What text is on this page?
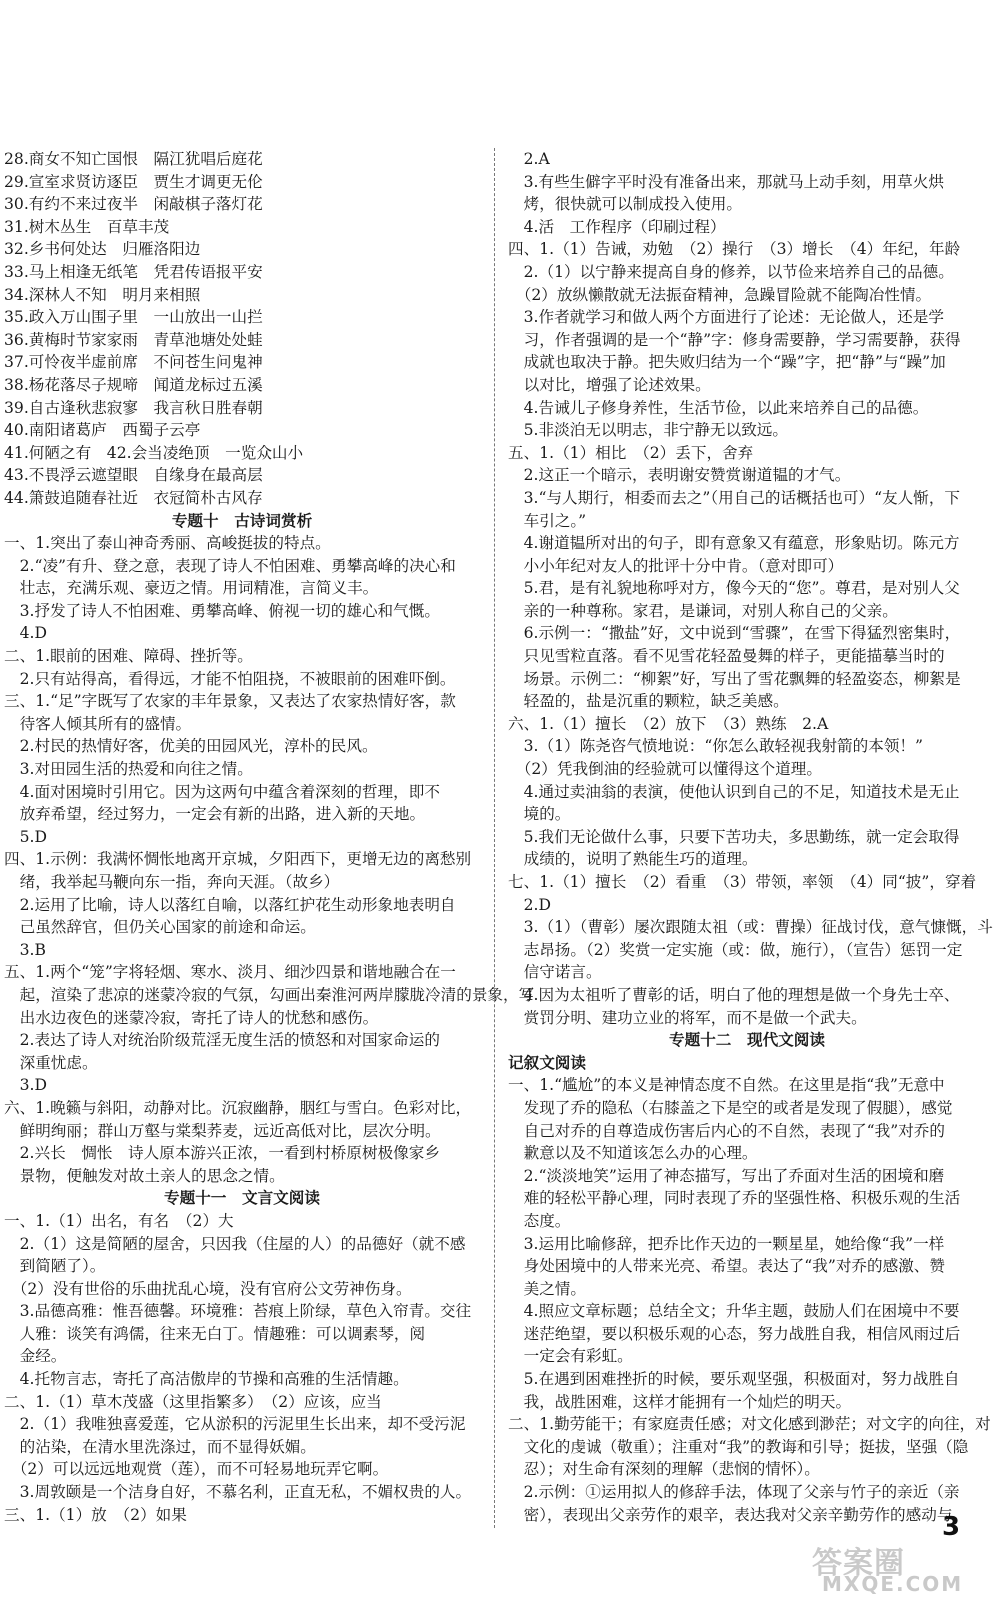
28.商女不知亡国恨　隔江犹唱后庭花
29.宣室求贤访逐臣　贾生才调更无伦
30.有约不来过夜半　闲敲棋子落灯花
31.树木丛生　百草丰茂
32.乡书何处达　归雁洛阳边
33.马上相逢无纸笔　凭君传语报平安
34.深林人不知　明月来相照
35.政入万山围子里　一山放出一山拦
36.黄梅时节家家雨　青草池塘处处蛙
37.可怜夜半虚前席　不问苍生问鬼神
38.杨花落尽子规啼　闻道龙标过五溪
39.自古逢秋悲寂寥　我言秋日胜春朝
40.南阳诸葛庐　西蜀子云亭
41.何陋之有　42.会当凌绝顶　一览众山小
43.不畏浮云遮望眼　自缘身在最高层
44.箫鼓追随春社近　衣冠简朴古风存
专题十　古诗词赏析
一、1.突出了泰山神奇秀丽、高峻挺拔的特点。
　2.“凌”有升、登之意，表现了诗人不怕困难、勇攀高峰的决心和
　壮志，充满乐观、豪迈之情。用词精准，言简义丰。
　3.抒发了诗人不怕困难、勇攀高峰、俯视一切的雄心和气慨。
　4.D
二、1.眼前的困难、障碍、挫折等。
　2.只有站得高，看得远，才能不怕阻挠，不被眼前的困难吓倒。
三、1.“足”字既写了农家的丰年景象，又表达了农家热情好客，款
　待客人倾其所有的盛情。
　2.村民的热情好客，优美的田园风光，淳朴的民风。
　3.对田园生活的热爱和向往之情。
　4.面对困境时引用它。因为这两句中蕴含着深刻的哲理，即不
　放弃希望，经过努力，一定会有新的出路，进入新的天地。
　5.D
四、1.示例：我满怀惆怅地离开京城，夕阳西下，更增无边的离愁别
　绪，我举起马鞭向东一指，奔向天涯。（故乡）
　2.运用了比喻，诗人以落红自喻，以落红护花生动形象地表明自
　己虽然辞官，但仍关心国家的前途和命运。
　3.B
五、1.两个“笼”字将轻烟、寒水、淡月、细沙四景和谐地融合在一
　起，渲染了悲凉的迷蒙冷寂的气氛，勾画出秦淮河两岸朦胧冷清的景象，写
　出水边夜色的迷蒙冷寂，寄托了诗人的忧愁和感伤。
　2.表达了诗人对统治阶级荒淫无度生活的愤怒和对国家命运的
　深重忧虑。
　3.D
六、1.晚籁与斜阳，动静对比。沉寂幽静，胭红与雪白。色彩对比，
　鲜明绚丽；群山万壑与棠梨荞麦，远近高低对比，层次分明。
　2.兴长　惆怅　诗人原本游兴正浓，一看到村桥原树极像家乡
　景物，便触发对故土亲人的思念之情。
专题十一　文言文阅读
一、1.（1）出名，有名　（2）大
　2.（1）这是简陋的屋舍，只因我（住屋的人）的品德好（就不感
　到简陋了）。
　（2）没有世俗的乐曲扰乱心境，没有官府公文劳神伤身。
　3.品德高雅：惟吾德馨。环境雅：苔痕上阶绿，草色入帘青。交往
　人雅：谈笑有鸿儒，往来无白丁。情趣雅：可以调素琴，阅
　金经。
　4.托物言志，寄托了高洁傲岸的节操和高雅的生活情趣。
二、1.（1）草木茂盛（这里指繁多）　（2）应该，应当
　2.（1）我唯独喜爱莲，它从淤积的污泥里生长出来，却不受污泥
　的沾染，在清水里洗涤过，而不显得妖媚。
　（2）可以远远地观赏（莲），而不可轻易地玩弄它啊。
　3.周敦颐是一个洁身自好，不慕名利，正直无私，不媚权贵的人。
三、1.（1）放　（2）如果
　2.A
　3.有些生僻字平时没有准备出来，那就马上动手刻，用草火烘
　烤，很快就可以制成投入使用。
　4.活　工作程序（印刷过程）
四、1.（1）告诫，劝勉　（2）操行　（3）增长　（4）年纪，年龄
　2.（1）以宁静来提高自身的修养，以节俭来培养自己的品德。
　（2）放纵懒散就无法振奋精神，急躁冒险就不能陶冶性情。
　3.作者就学习和做人两个方面进行了论述：无论做人，还是学
　习，作者强调的是一个“静”字：修身需要静，学习需要静，获得
　成就也取决于静。把失败归结为一个“躁”字，把“静”与“躁”加
　以对比，增强了论述效果。
　4.告诫儿子修身养性，生活节俭，以此来培养自己的品德。
　5.非淡泊无以明志，非宁静无以致远。
五、1.（1）相比　（2）丢下，舍弃
　2.这正一个暗示，表明谢安赞赏谢道韫的才气。
　3.“与人期行，相委而去之”（用自己的话概括也可）“友人惭，下
　车引之。”
　4.谢道韫所对出的句子，即有意象又有蕴意，形象贴切。陈元方
　小小年纪对友人的批评十分中肯。（意对即可）
　5.君，是有礼貌地称呼对方，像今天的“您”。尊君，是对别人父
　亲的一种尊称。家君，是谦词，对别人称自己的父亲。
　6.示例一：“撒盐”好，文中说到“雪骤”，在雪下得猛烈密集时，
　只见雪粒直落。看不见雪花轻盈曼舞的样子，更能描摹当时的
　场景。示例二：“柳絮”好，写出了雪花飘舞的轻盈姿态，柳絮是
　轻盈的，盐是沉重的颗粒，缺乏美感。
六、1.（1）擅长　（2）放下　（3）熟练　2.A
　3.（1）陈尧咨气愤地说：“你怎么敢轻视我射箭的本领！”
　（2）凭我倒油的经验就可以懂得这个道理。
　4.通过卖油翁的表演，使他认识到自己的不足，知道技术是无止
　境的。
　5.我们无论做什么事，只要下苦功夫，多思勤练，就一定会取得
　成绩的，说明了熟能生巧的道理。
七、1.（1）擅长　（2）看重　（3）带领，率领　（4）同“披”，穿着
　2.D
　3.（1）（曹彰）屡次跟随太祖（或：曹操）征战讨伐，意气慷慨，斗
　志昂扬。（2）奖赏一定实施（或：做，施行），（宣告）惩罚一定
　信守诺言。
　4.因为太祖听了曹彰的话，明白了他的理想是做一个身先士卒、
　赏罚分明、建功立业的将军，而不是做一个武夫。
专题十二　现代文阅读
记叙文阅读
一、1.“尴尬”的本义是神情态度不自然。在这里是指“我”无意中
　发现了乔的隐私（右膝盖之下是空的或者是发现了假腿），感觉
　自己对乔的自尊造成伤害后内心的不自然，表现了“我”对乔的
　歉意以及不知道该怎么办的心理。
　2.“淡淡地笑”运用了神态描写，写出了乔面对生活的困境和磨
　难的轻松平静心理，同时表现了乔的坚强性格、积极乐观的生活
　态度。
　3.运用比喻修辞，把乔比作天边的一颗星星，她给像“我”一样
　身处困境中的人带来光亮、希望。表达了“我”对乔的感激、赞
　美之情。
　4.照应文章标题；总结全文；升华主题，鼓励人们在困境中不要
　迷茫绝望，要以积极乐观的心态，努力战胜自我，相信风雨过后
　一定会有彩虹。
　5.在遇到困难挫折的时候，要乐观坚强，积极面对，努力战胜自
　我，战胜困难，这样才能拥有一个灿烂的明天。
二、1.勤劳能干；有家庭责任感；对文化感到渺茫；对文字的向往，对
　文化的虔诚（敬重）；注重对“我”的教诲和引导；挺拔，坚强（隐
　忍）；对生命有深刻的理解（悲悯的情怀）。
　2.示例：①运用拟人的修辞手法，体现了父亲与竹子的亲近（亲
　密），表现出父亲劳作的艰辛，表达我对父亲辛勤劳作的感动与
3
答案圈
MXQE.COM
